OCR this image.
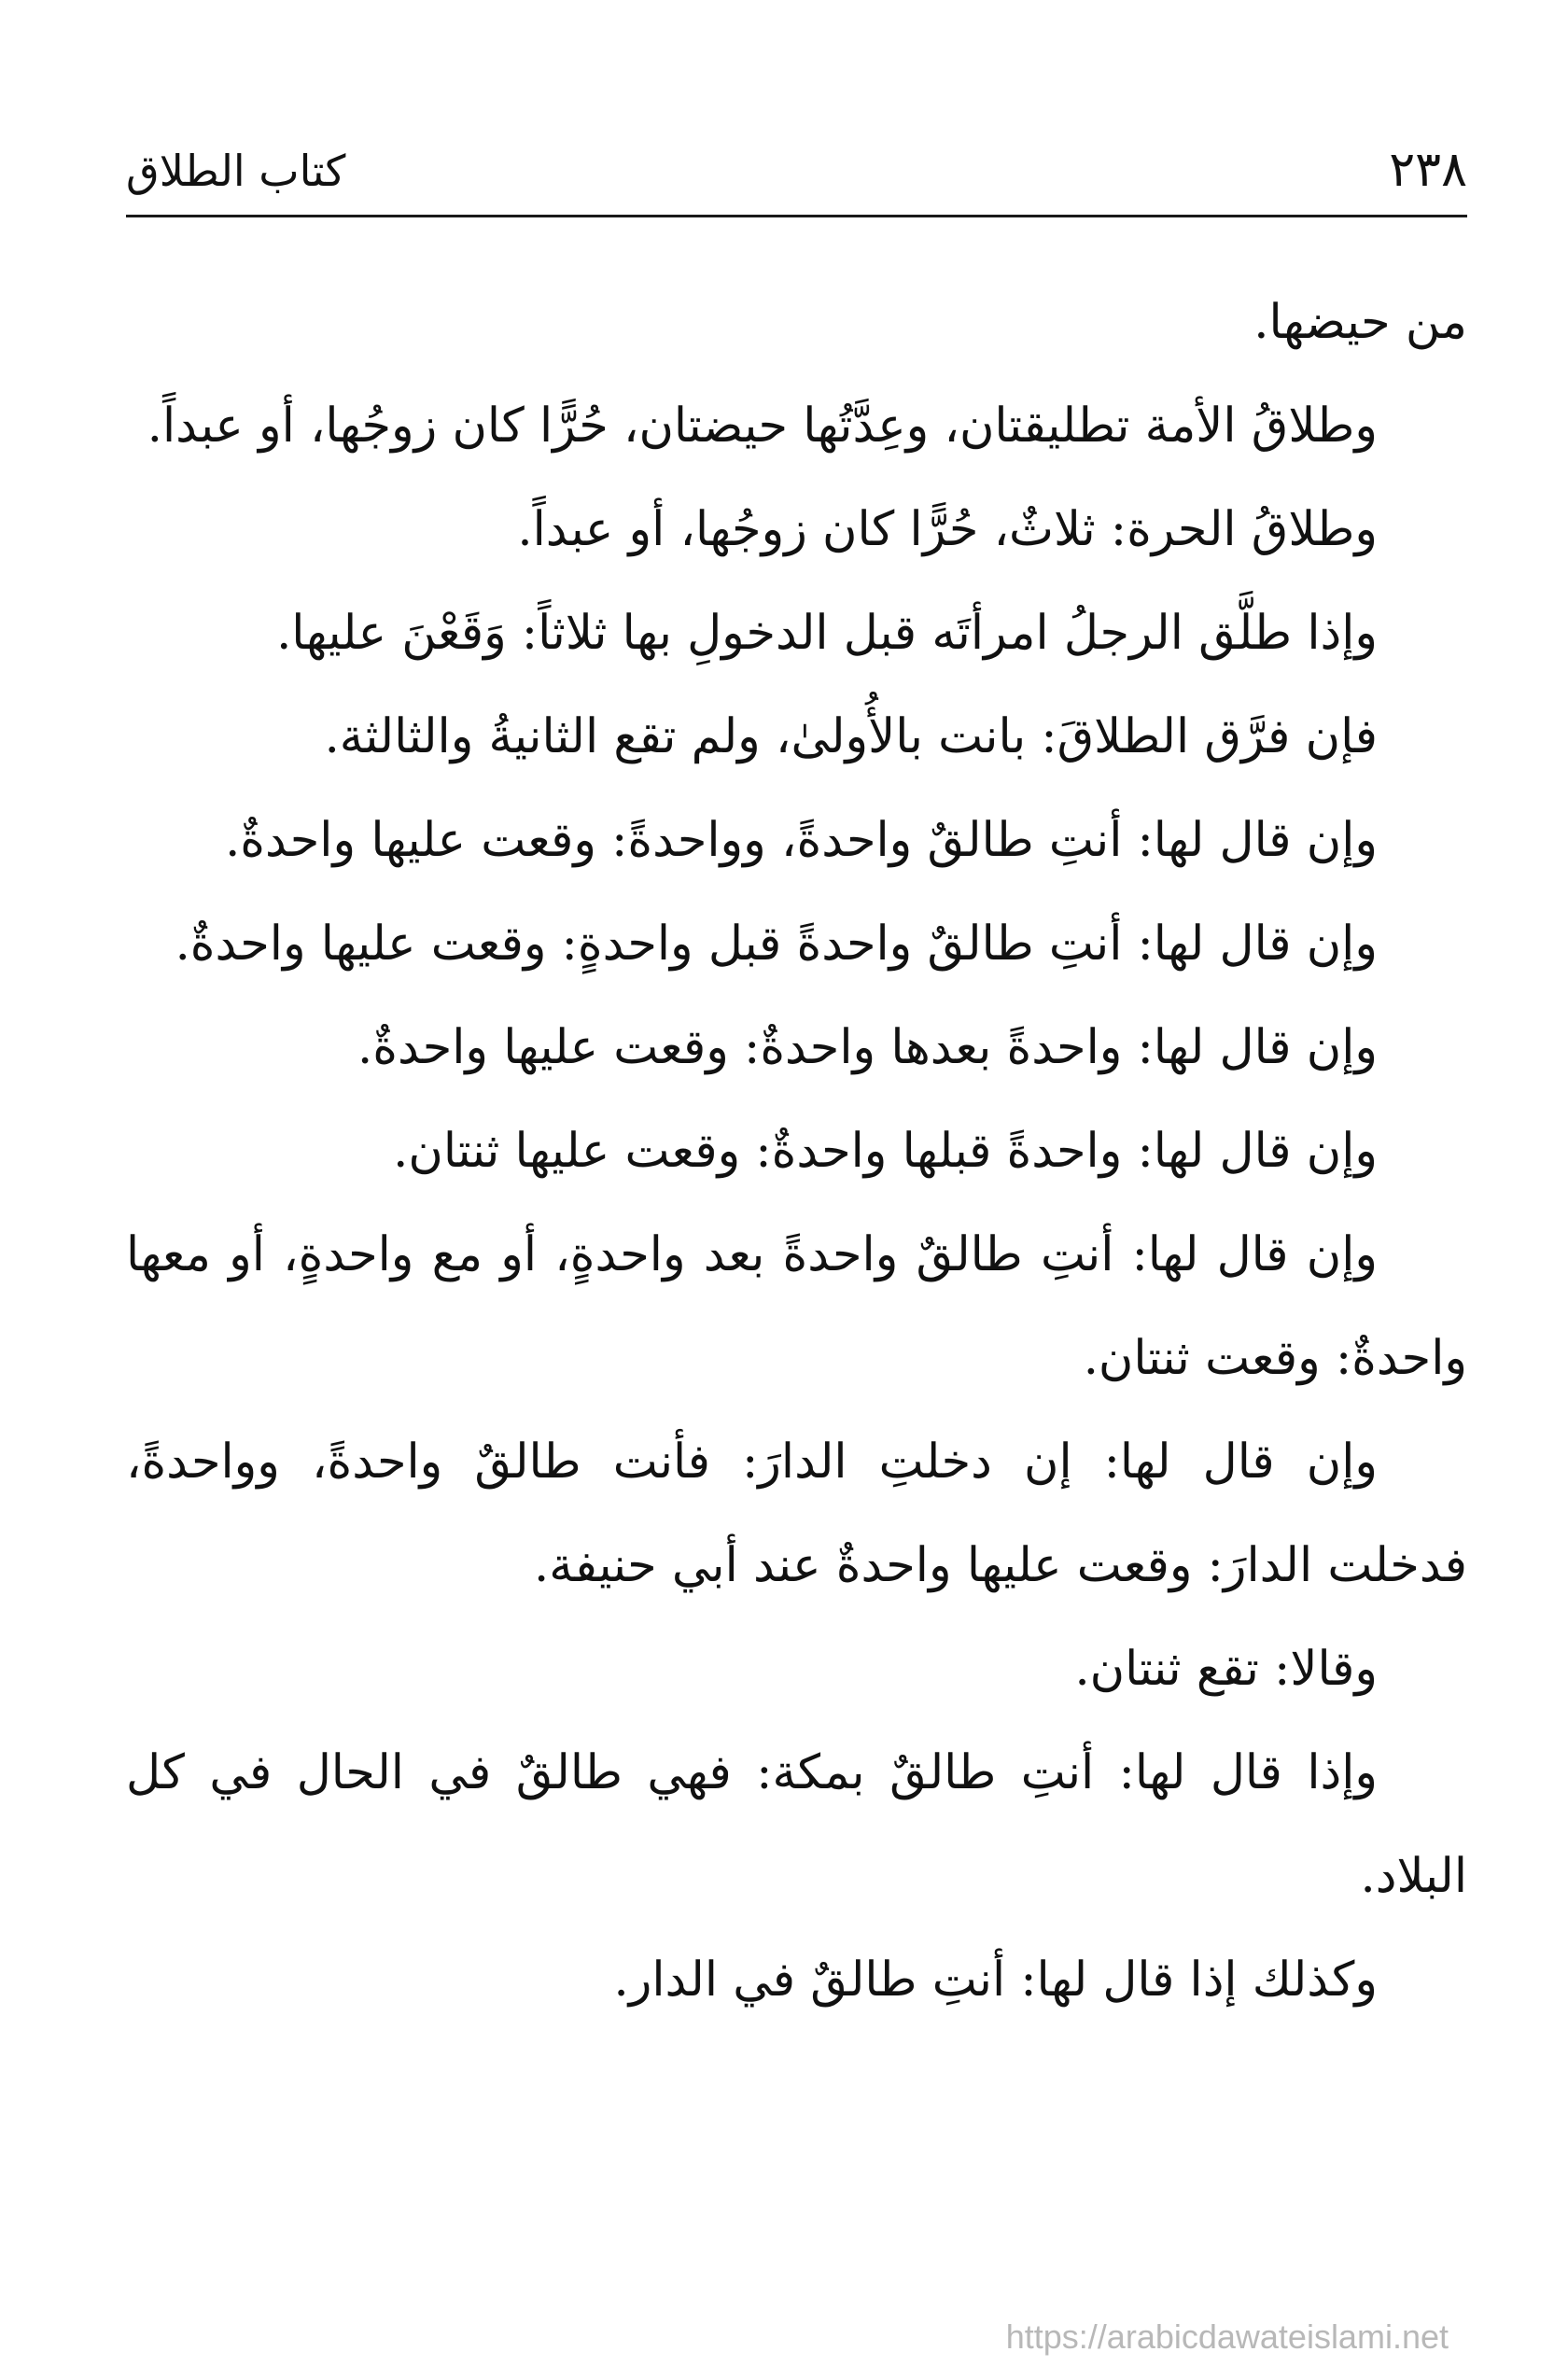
كتاب الطلاق	٢٣٨

من حيضها.

وطلاقُ الأمة تطليقتان، وعِدَّتُها حيضتان، حُرًّا كان زوجُها، أو عبداً.

وطلاقُ الحرة: ثلاثٌ، حُرًّا كان زوجُها، أو عبداً.

وإذا طلَّق الرجلُ امرأتَه قبل الدخولِ بها ثلاثاً: وَقَعْنَ عليها.

فإن فرَّق الطلاقَ: بانت بالأُولىٰ، ولم تقع الثانيةُ والثالثة.

وإن قال لها: أنتِ طالقٌ واحدةً، وواحدةً: وقعت عليها واحدةٌ.

وإن قال لها: أنتِ طالقٌ واحدةً قبل واحدةٍ: وقعت عليها واحدةٌ.

وإن قال لها: واحدةً بعدها واحدةٌ: وقعت عليها واحدةٌ.

وإن قال لها: واحدةً قبلها واحدةٌ: وقعت عليها ثنتان.

وإن قال لها: أنتِ طالقٌ واحدةً بعد واحدةٍ، أو مع واحدةٍ، أو معها واحدةٌ: وقعت ثنتان.

وإن قال لها: إن دخلتِ الدارَ: فأنت طالقٌ واحدةً، وواحدةً، فدخلت الدارَ: وقعت عليها واحدةٌ عند أبي حنيفة.

وقالا: تقع ثنتان.

وإذا قال لها: أنتِ طالقٌ بمكة: فهي طالقٌ في الحال في كل البلاد.

وكذلك إذا قال لها: أنتِ طالقٌ في الدار.

https://arabicdawateislami.net
